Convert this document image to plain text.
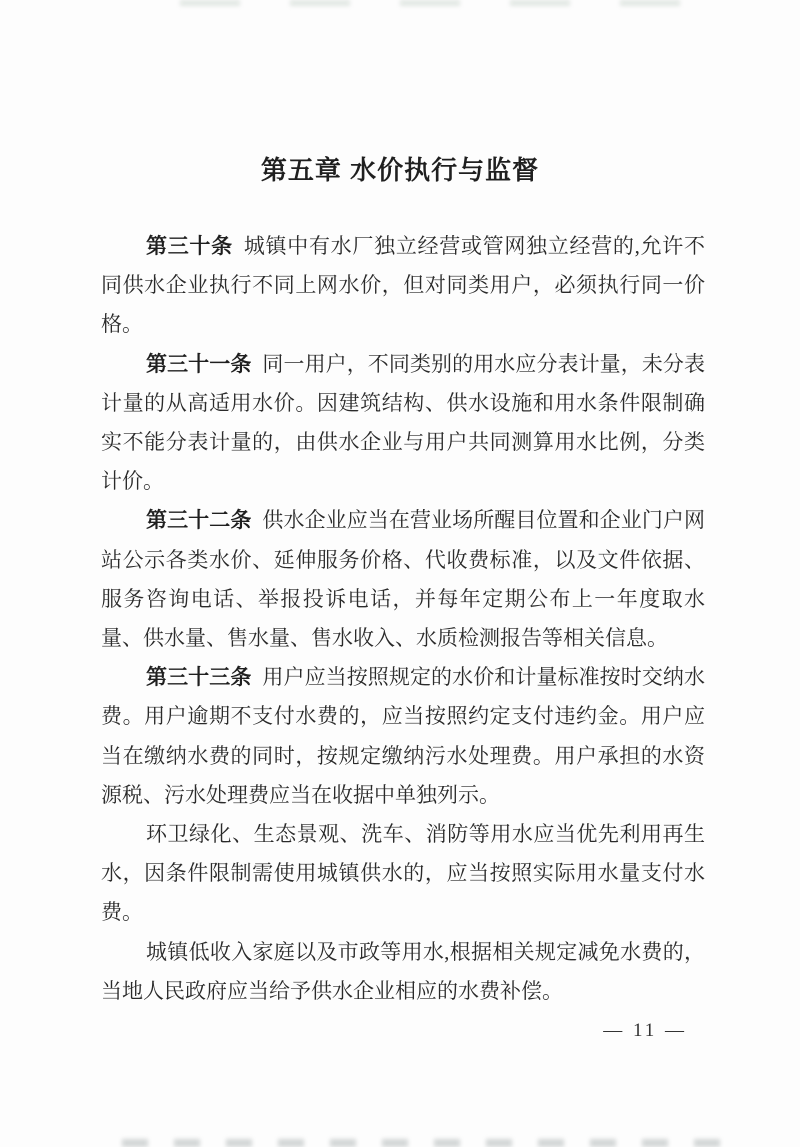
第五章 水价执行与监督

第三十条 城镇中有水厂独立经营或管网独立经营的,允许不同供水企业执行不同上网水价，但对同类用户，必须执行同一价格。

第三十一条 同一用户，不同类别的用水应分表计量，未分表计量的从高适用水价。因建筑结构、供水设施和用水条件限制确实不能分表计量的，由供水企业与用户共同测算用水比例，分类计价。

第三十二条 供水企业应当在营业场所醒目位置和企业门户网站公示各类水价、延伸服务价格、代收费标准，以及文件依据、服务咨询电话、举报投诉电话，并每年定期公布上一年度取水量、供水量、售水量、售水收入、水质检测报告等相关信息。

第三十三条 用户应当按照规定的水价和计量标准按时交纳水费。用户逾期不支付水费的，应当按照约定支付违约金。用户应当在缴纳水费的同时，按规定缴纳污水处理费。用户承担的水资源税、污水处理费应当在收据中单独列示。

环卫绿化、生态景观、洗车、消防等用水应当优先利用再生水，因条件限制需使用城镇供水的，应当按照实际用水量支付水费。

城镇低收入家庭以及市政等用水,根据相关规定减免水费的，当地人民政府应当给予供水企业相应的水费补偿。

— 11 —
